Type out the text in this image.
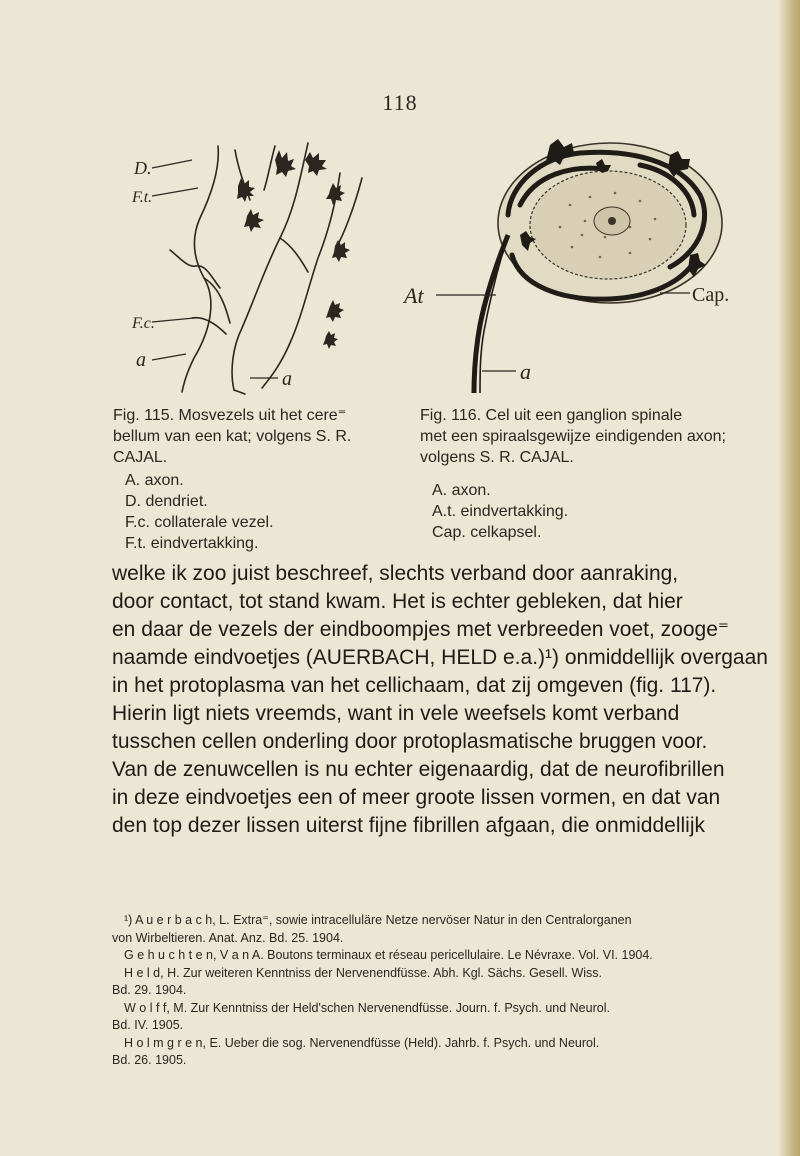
118
D.
F.t.
F.c.
a
a
At	Cap.
a
Fig. 115. Mosvezels uit het cere⁼
bellum van een kat; volgens S. R.
CAJAL.
A. axon.
D. dendriet.
F.c. collaterale vezel.
F.t. eindvertakking.
Fig. 116. Cel uit een ganglion spinale
met een spiraalsgewijze eindigenden axon;
volgens S. R. CAJAL.
A. axon.
A.t. eindvertakking.
Cap. celkapsel.
welke ik zoo juist beschreef, slechts verband door aanraking,
door contact, tot stand kwam. Het is echter gebleken, dat hier
en daar de vezels der eindboompjes met verbreeden voet, zooge⁼
naamde eindvoetjes (AUERBACH, HELD e.a.)¹) onmiddellijk overgaan
in het protoplasma van het cellichaam, dat zij omgeven (fig. 117).
Hierin ligt niets vreemds, want in vele weefsels komt verband
tusschen cellen onderling door protoplasmatische bruggen voor.
Van de zenuwcellen is nu echter eigenaardig, dat de neurofibrillen
in deze eindvoetjes een of meer groote lissen vormen, en dat van
den top dezer lissen uiterst fijne fibrillen afgaan, die onmiddellijk
¹) A u e r b a c h, L. Extra⁼, sowie intracelluläre Netze nervöser Natur in den Centralorganen
von Wirbeltieren. Anat. Anz. Bd. 25. 1904.
G e h u c h t e n, V a n A. Boutons terminaux et réseau pericellulaire. Le Névraxe. Vol. VI. 1904.
H e l d, H. Zur weiteren Kenntniss der Nervenendfüsse. Abh. Kgl. Sächs. Gesell. Wiss.
Bd. 29. 1904.
W o l f f, M. Zur Kenntniss der Held'schen Nervenendfüsse. Journ. f. Psych. und Neurol.
Bd. IV. 1905.
H o l m g r e n, E. Ueber die sog. Nervenendfüsse (Held). Jahrb. f. Psych. und Neurol.
Bd. 26. 1905.
